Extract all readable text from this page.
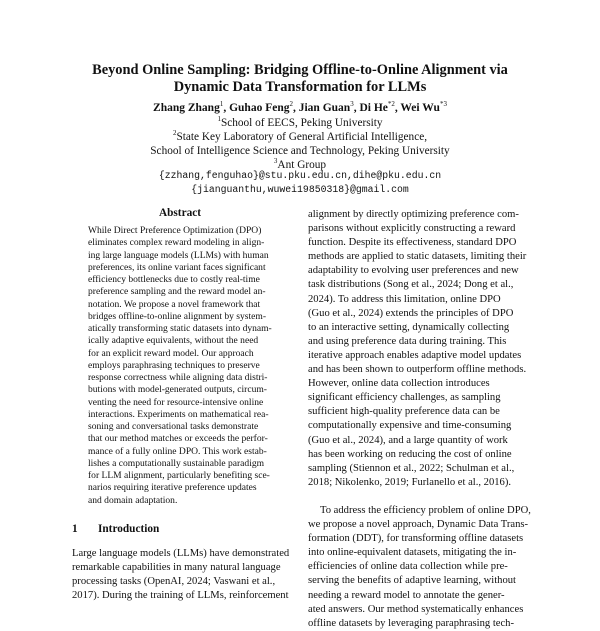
Beyond Online Sampling: Bridging Offline-to-Online Alignment via
Dynamic Data Transformation for LLMs
Zhang Zhang$^1$, Guhao Feng$^2$, Jian Guan$^3$, Di He$^{*2}$, Wei Wu$^{*3}$
$^1$School of EECS, Peking University
$^2$State Key Laboratory of General Artificial Intelligence,
School of Intelligence Science and Technology, Peking University
$^3$Ant Group
{zzhang,fenguhao}@stu.pku.edu.cn,dihe@pku.edu.cn
{jianguanthu,wuwei19850318}@gmail.com
Abstract
While Direct Preference Optimization (DPO)
eliminates complex reward modeling in align-
ing large language models (LLMs) with human
preferences, its online variant faces significant
efficiency bottlenecks due to costly real-time
preference sampling and the reward model an-
notation. We propose a novel framework that
bridges offline-to-online alignment by system-
atically transforming static datasets into dynam-
ically adaptive equivalents, without the need
for an explicit reward model. Our approach
employs paraphrasing techniques to preserve
response correctness while aligning data distri-
butions with model-generated outputs, circum-
venting the need for resource-intensive online
interactions. Experiments on mathematical rea-
soning and conversational tasks demonstrate
that our method matches or exceeds the perfor-
mance of a fully online DPO. This work estab-
lishes a computationally sustainable paradigm
for LLM alignment, particularly benefiting sce-
narios requiring iterative preference updates
and domain adaptation.
1 Introduction
Large language models (LLMs) have demonstrated
remarkable capabilities in many natural language
processing tasks (OpenAI, 2024; Vaswani et al.,
2017). During the training of LLMs, reinforcement
alignment by directly optimizing preference com-
parisons without explicitly constructing a reward
function. Despite its effectiveness, standard DPO
methods are applied to static datasets, limiting their
adaptability to evolving user preferences and new
task distributions (Song et al., 2024; Dong et al.,
2024). To address this limitation, online DPO
(Guo et al., 2024) extends the principles of DPO
to an interactive setting, dynamically collecting
and using preference data during training. This
iterative approach enables adaptive model updates
and has been shown to outperform offline methods.
However, online data collection introduces
significant efficiency challenges, as sampling
sufficient high-quality preference data can be
computationally expensive and time-consuming
(Guo et al., 2024), and a large quantity of work
has been working on reducing the cost of online
sampling (Stiennon et al., 2022; Schulman et al.,
2018; Nikolenko, 2019; Furlanello et al., 2016).
To address the efficiency problem of online DPO,
we propose a novel approach, Dynamic Data Trans-
formation (DDT), for transforming offline datasets
into online-equivalent datasets, mitigating the in-
efficiencies of online data collection while pre-
serving the benefits of adaptive learning, without
needing a reward model to annotate the gener-
ated answers. Our method systematically enhances
offline datasets by leveraging paraphrasing tech-
